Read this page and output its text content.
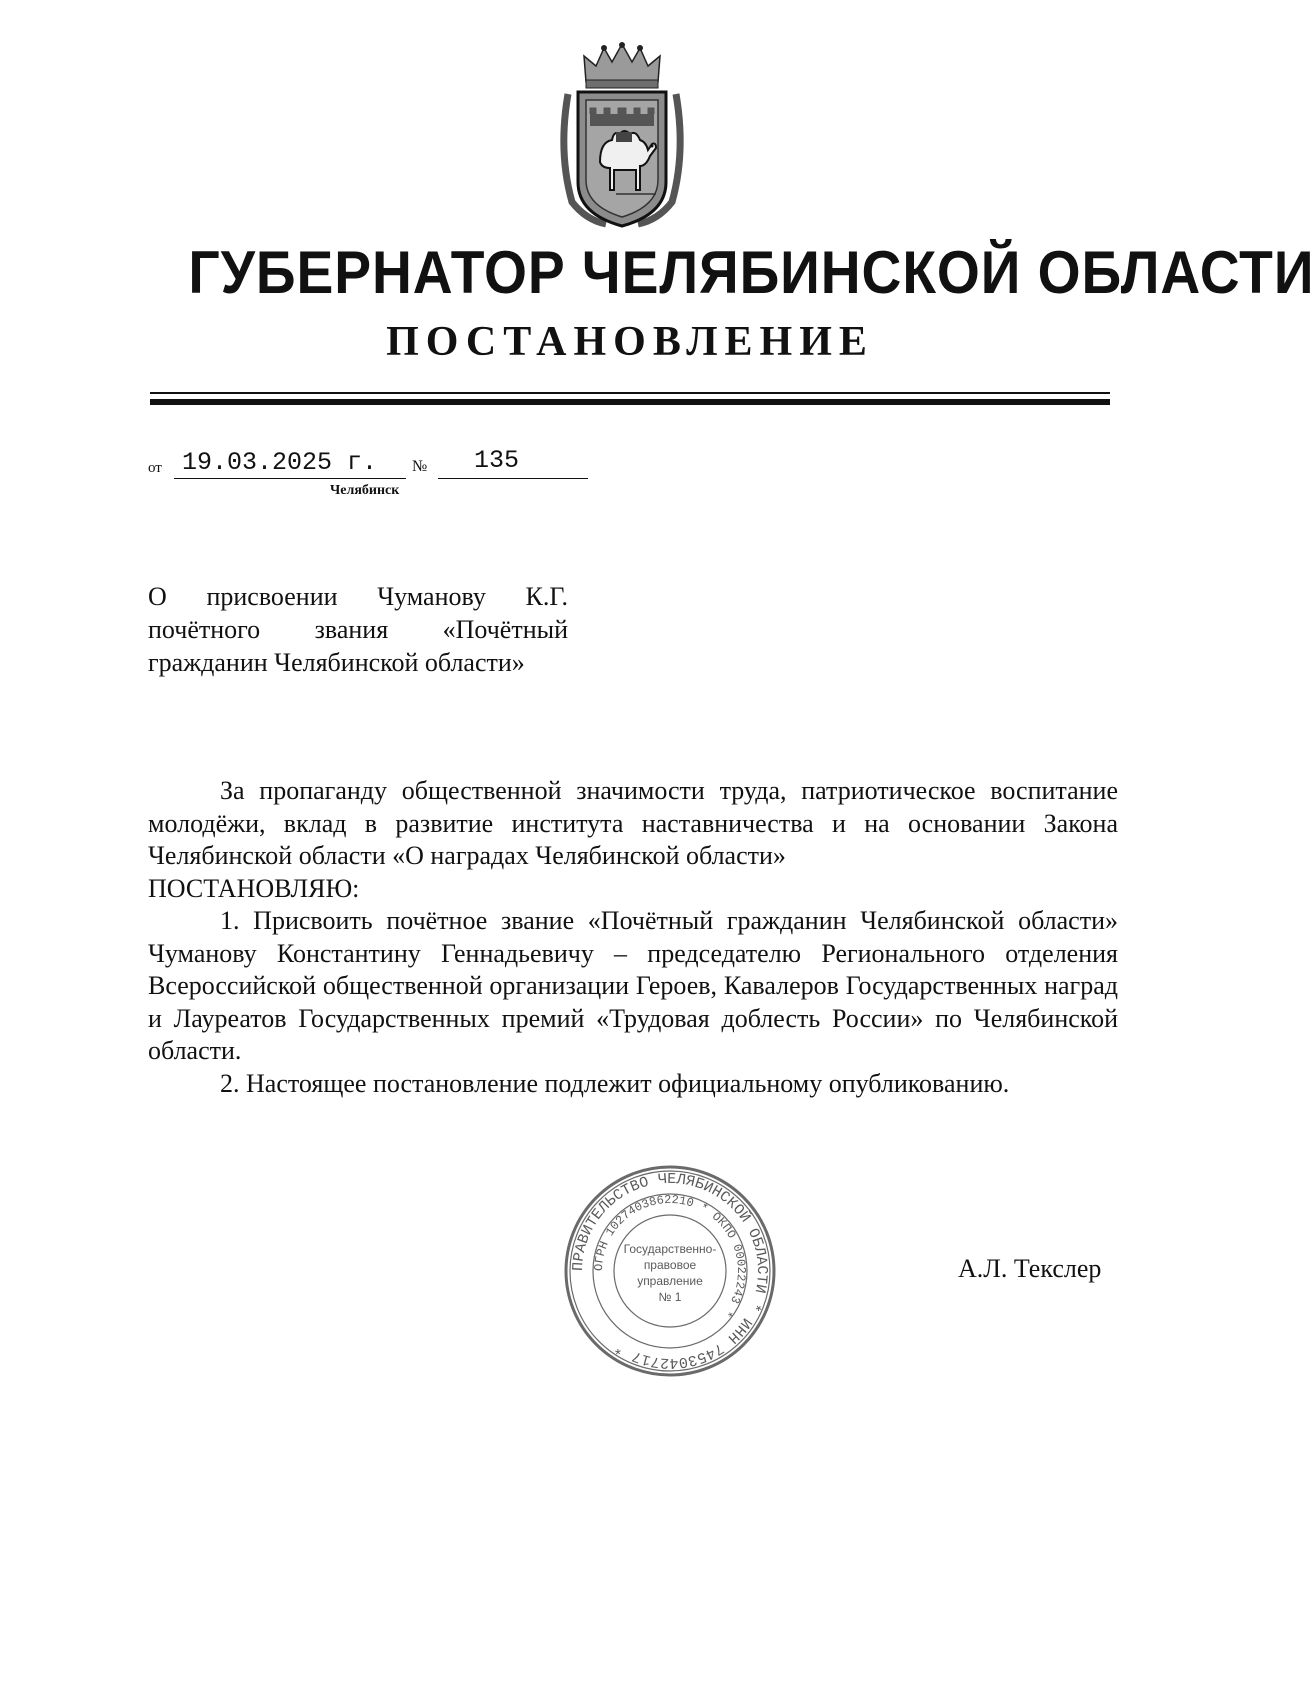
ГУБЕРНАТОР ЧЕЛЯБИНСКОЙ ОБЛАСТИ
ПОСТАНОВЛЕНИЕ
от 19.03.2025 г.	№	135
Челябинск
О присвоении Чуманову К.Г.
почётного звания «Почётный
гражданин Челябинской области»

За пропаганду общественной значимости труда, патриотическое воспитание молодёжи, вклад в развитие института наставничества и на основании Закона Челябинской области «О наградах Челябинской области»

ПОСТАНОВЛЯЮ:

1. Присвоить почётное звание «Почётный гражданин Челябинской области» Чуманову Константину Геннадьевичу – председателю Регионального отделения Всероссийской общественной организации Героев, Кавалеров Государственных наград и Лауреатов Государственных премий «Трудовая доблесть России» по Челябинской области.

2. Настоящее постановление подлежит официальному опубликованию.

ПРАВИТЕЛЬСТВО ЧЕЛЯБИНСКОЙ ОБЛАСТИ * ИНН 7453042717 *
ОГРН 1027403862210 * ОКПО 00022243 *
Государственно-
правовое
управление
№ 1
А.Л. Текслер
